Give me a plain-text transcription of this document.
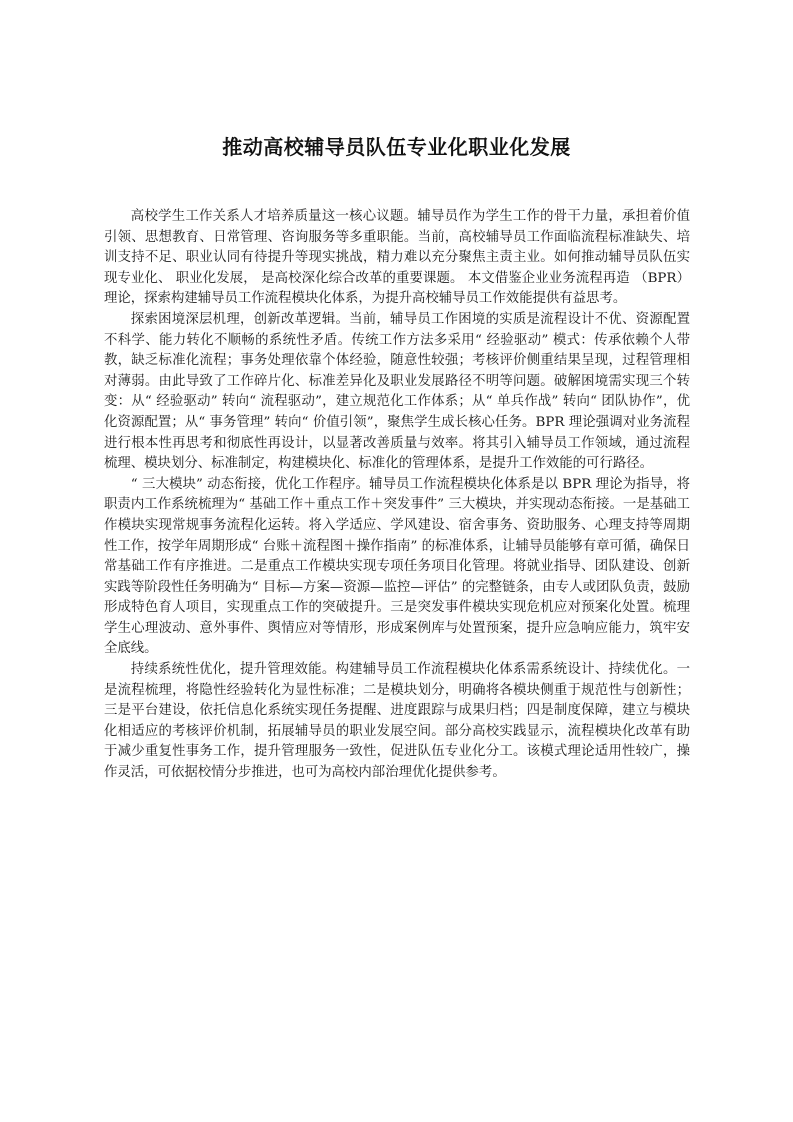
推动高校辅导员队伍专业化职业化发展

高校学生工作关系人才培养质量这一核心议题。辅导员作为学生工作的骨干力量，承担着价值引领、思想教育、日常管理、咨询服务等多重职能。当前，高校辅导员工作面临流程标准缺失、培训支持不足、职业认同有待提升等现实挑战，精力难以充分聚焦主责主业。如何推动辅导员队伍实现专业化、 职业化发展， 是高校深化综合改革的重要课题。 本文借鉴企业业务流程再造 （BPR）理论，探索构建辅导员工作流程模块化体系，为提升高校辅导员工作效能提供有益思考。

探索困境深层机理，创新改革逻辑。当前，辅导员工作困境的实质是流程设计不优、资源配置不科学、能力转化不顺畅的系统性矛盾。传统工作方法多采用“ 经验驱动” 模式：传承依赖个人带教，缺乏标准化流程；事务处理依靠个体经验，随意性较强；考核评价侧重结果呈现，过程管理相对薄弱。由此导致了工作碎片化、标准差异化及职业发展路径不明等问题。破解困境需实现三个转变：从“ 经验驱动” 转向“ 流程驱动”，建立规范化工作体系；从“ 单兵作战” 转向“ 团队协作”，优化资源配置；从“ 事务管理” 转向“ 价值引领”，聚焦学生成长核心任务。BPR 理论强调对业务流程进行根本性再思考和彻底性再设计，以显著改善质量与效率。将其引入辅导员工作领域，通过流程梳理、模块划分、标准制定，构建模块化、标准化的管理体系，是提升工作效能的可行路径。

“ 三大模块” 动态衔接，优化工作程序。辅导员工作流程模块化体系是以 BPR 理论为指导，将职责内工作系统梳理为“ 基础工作＋重点工作＋突发事件” 三大模块，并实现动态衔接。一是基础工作模块实现常规事务流程化运转。将入学适应、学风建设、宿舍事务、资助服务、心理支持等周期性工作，按学年周期形成“ 台账＋流程图＋操作指南” 的标准体系，让辅导员能够有章可循，确保日常基础工作有序推进。二是重点工作模块实现专项任务项目化管理。将就业指导、团队建设、创新实践等阶段性任务明确为“ 目标—方案—资源—监控—评估” 的完整链条，由专人或团队负责，鼓励形成特色育人项目，实现重点工作的突破提升。三是突发事件模块实现危机应对预案化处置。梳理学生心理波动、意外事件、舆情应对等情形，形成案例库与处置预案，提升应急响应能力，筑牢安全底线。

持续系统性优化，提升管理效能。构建辅导员工作流程模块化体系需系统设计、持续优化。一是流程梳理，将隐性经验转化为显性标准；二是模块划分，明确将各模块侧重于规范性与创新性；三是平台建设，依托信息化系统实现任务提醒、进度跟踪与成果归档；四是制度保障，建立与模块化相适应的考核评价机制，拓展辅导员的职业发展空间。部分高校实践显示，流程模块化改革有助于减少重复性事务工作，提升管理服务一致性，促进队伍专业化分工。该模式理论适用性较广，操作灵活，可依据校情分步推进，也可为高校内部治理优化提供参考。
